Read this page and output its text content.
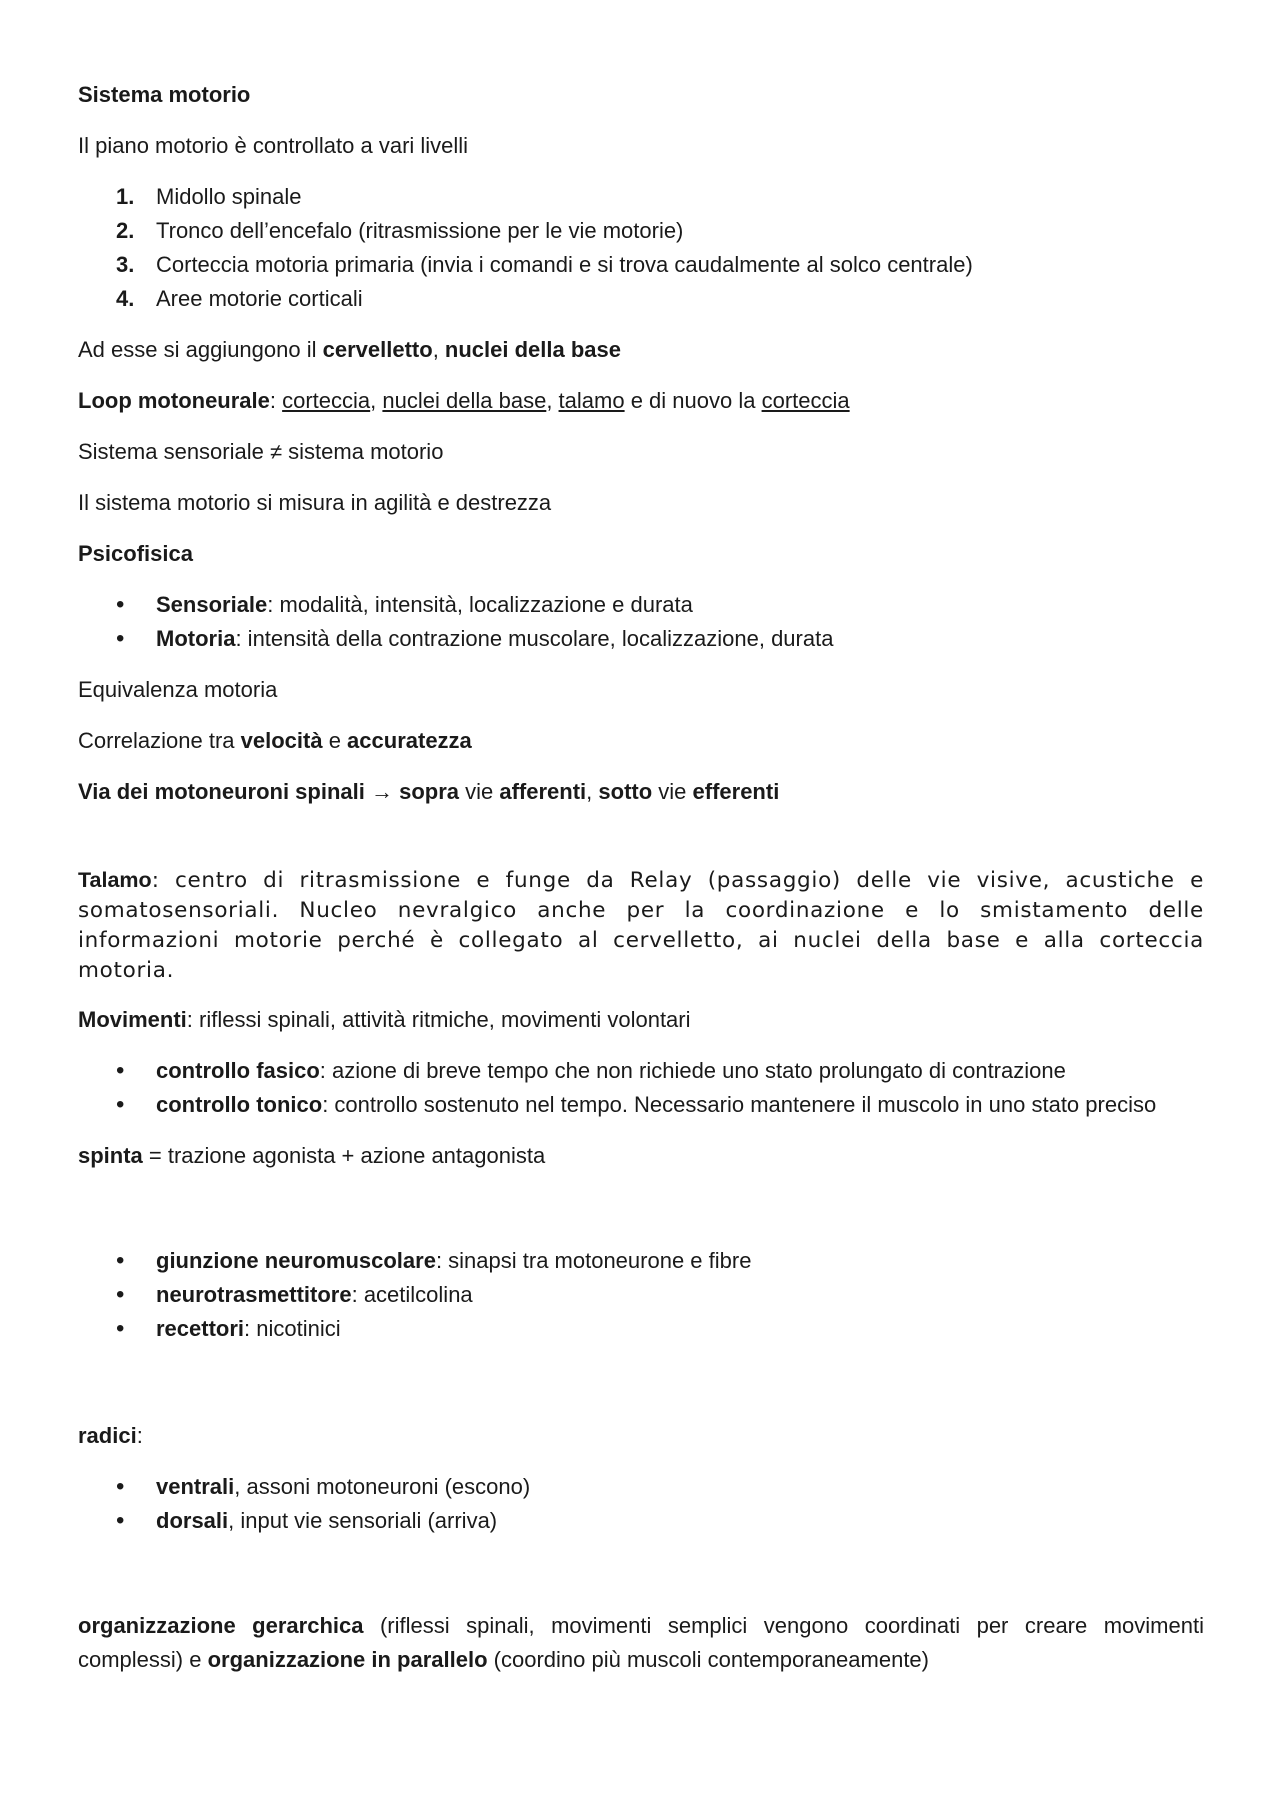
Sistema motorio

Il piano motorio è controllato a vari livelli

1. Midollo spinale
2. Tronco dell’encefalo (ritrasmissione per le vie motorie)
3. Corteccia motoria primaria (invia i comandi e si trova caudalmente al solco centrale)
4. Aree motorie corticali

Ad esse si aggiungono il cervelletto, nuclei della base

Loop motoneurale: corteccia, nuclei della base, talamo e di nuovo la corteccia

Sistema sensoriale ≠ sistema motorio

Il sistema motorio si misura in agilità e destrezza

Psicofisica

• Sensoriale: modalità, intensità, localizzazione e durata
• Motoria: intensità della contrazione muscolare, localizzazione, durata

Equivalenza motoria

Correlazione tra velocità e accuratezza

Via dei motoneuroni spinali → sopra vie afferenti, sotto vie efferenti

Talamo: centro di ritrasmissione e funge da Relay (passaggio) delle vie visive, acustiche e somatosensoriali. Nucleo nevralgico anche per la coordinazione e lo smistamento delle informazioni motorie perché è collegato al cervelletto, ai nuclei della base e alla corteccia motoria.

Movimenti: riflessi spinali, attività ritmiche, movimenti volontari

• controllo fasico: azione di breve tempo che non richiede uno stato prolungato di contrazione
• controllo tonico: controllo sostenuto nel tempo. Necessario mantenere il muscolo in uno stato preciso

spinta = trazione agonista + azione antagonista

• giunzione neuromuscolare: sinapsi tra motoneurone e fibre
• neurotrasmettitore: acetilcolina
• recettori: nicotinici

radici:

• ventrali, assoni motoneuroni (escono)
• dorsali, input vie sensoriali (arriva)

organizzazione gerarchica (riflessi spinali, movimenti semplici vengono coordinati per creare movimenti complessi) e organizzazione in parallelo (coordino più muscoli contemporaneamente)
